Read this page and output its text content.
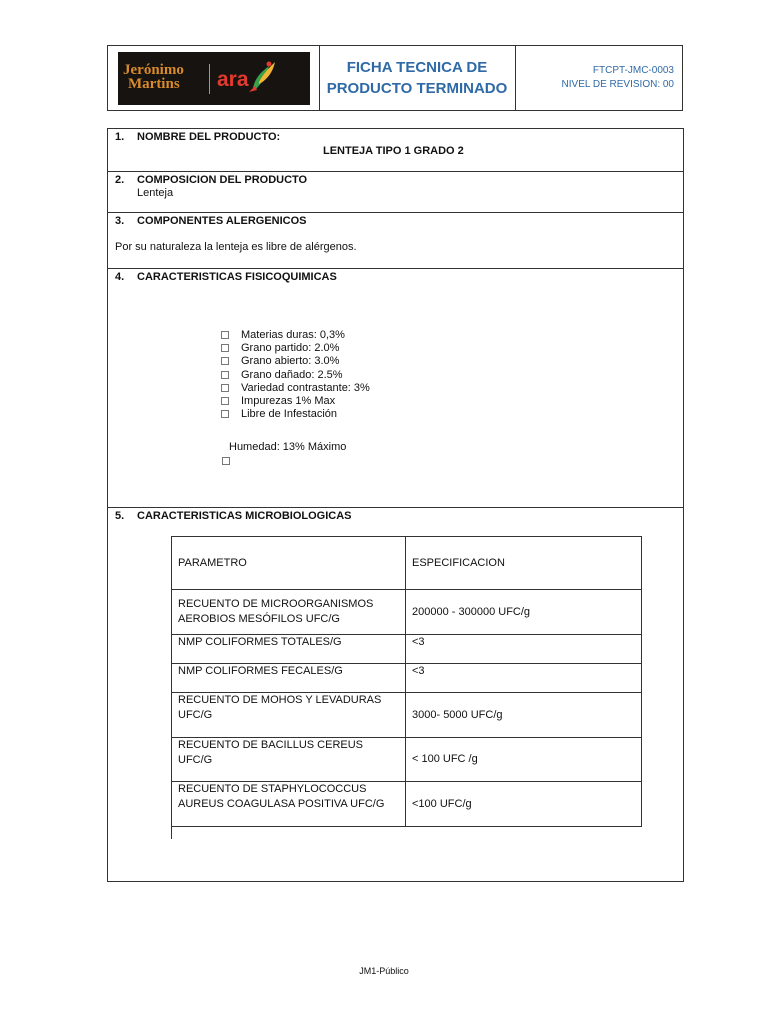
Jerónimo
Martins ara
FICHA TECNICA DE
PRODUCTO TERMINADO
FTCPT-JMC-0003
NIVEL DE REVISION: 00
1. NOMBRE DEL PRODUCTO:
LENTEJA TIPO 1 GRADO 2
2. COMPOSICION DEL PRODUCTO
Lenteja
3. COMPONENTES ALERGENICOS
Por su naturaleza la lenteja es libre de alérgenos.
4. CARACTERISTICAS FISICOQUIMICAS
Materias duras: 0,3%
Grano partido: 2.0%
Grano abierto: 3.0%
Grano dañado: 2.5%
Variedad contrastante: 3%
Impurezas 1% Max
Libre de Infestación
Humedad: 13% Máximo
5. CARACTERISTICAS MICROBIOLOGICAS
PARAMETRO	ESPECIFICACION
RECUENTO DE MICROORGANISMOS AEROBIOS MESÓFILOS UFC/G	200000 - 300000 UFC/g
NMP COLIFORMES TOTALES/G	<3
NMP COLIFORMES FECALES/G	<3
RECUENTO DE MOHOS Y LEVADURAS UFC/G	3000- 5000 UFC/g
RECUENTO DE BACILLUS CEREUS UFC/G	< 100 UFC /g
RECUENTO DE STAPHYLOCOCCUS AUREUS COAGULASA POSITIVA UFC/G	<100 UFC/g
JM1-Público
